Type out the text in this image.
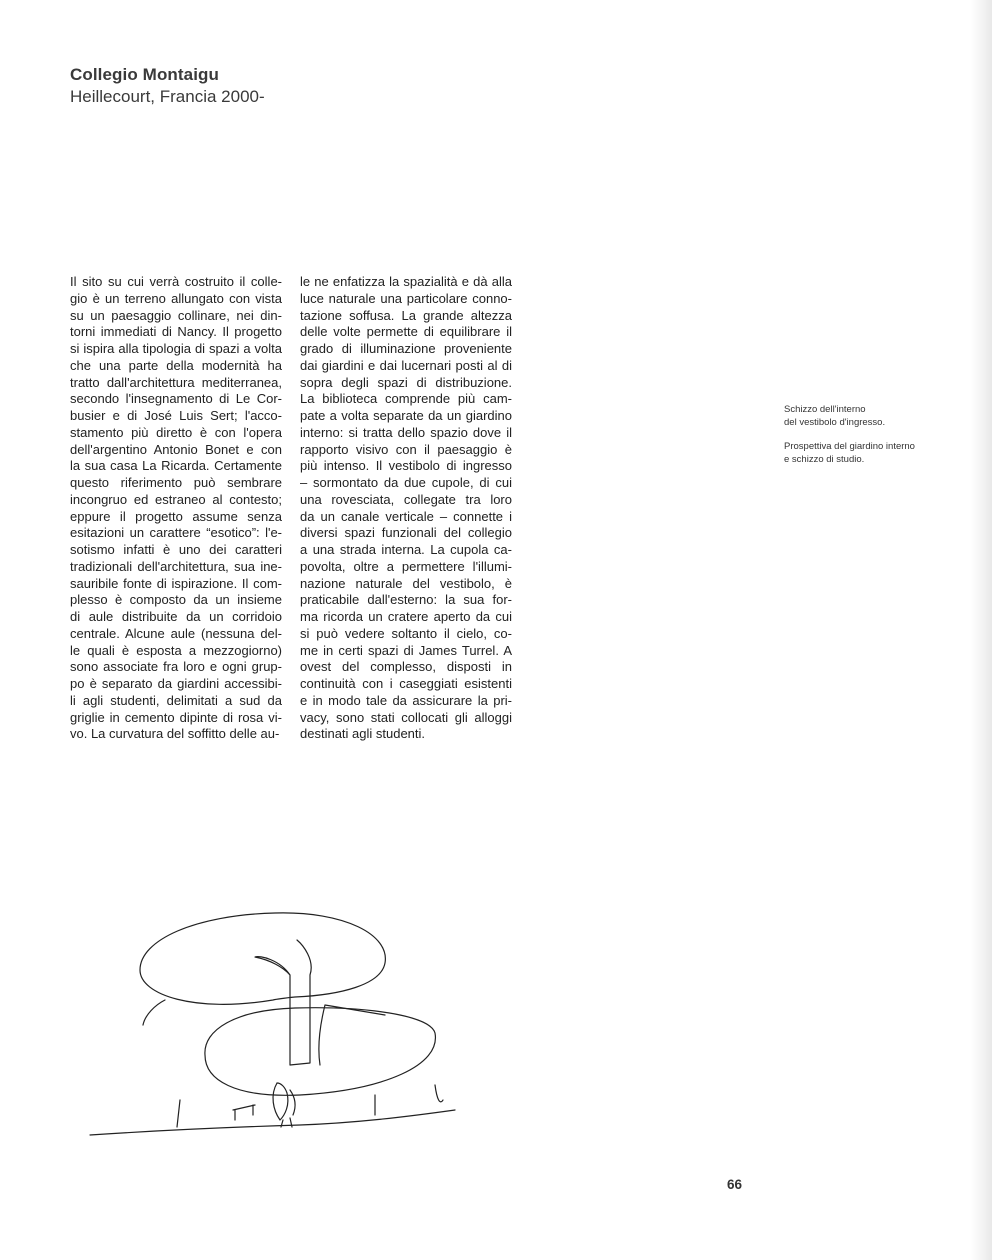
Collegio Montaigu
Heillecourt, Francia 2000-
Il sito su cui verrà costruito il colle-
gio è un terreno allungato con vista
su un paesaggio collinare, nei din-
torni immediati di Nancy. Il progetto
si ispira alla tipologia di spazi a volta
che una parte della modernità ha
tratto dall'architettura mediterranea,
secondo l'insegnamento di Le Cor-
busier e di José Luis Sert; l'acco-
stamento più diretto è con l'opera
dell'argentino Antonio Bonet e con
la sua casa La Ricarda. Certamente
questo riferimento può sembrare
incongruo ed estraneo al contesto;
eppure il progetto assume senza
esitazioni un carattere “esotico”: l'e-
sotismo infatti è uno dei caratteri
tradizionali dell'architettura, sua ine-
sauribile fonte di ispirazione. Il com-
plesso è composto da un insieme
di aule distribuite da un corridoio
centrale. Alcune aule (nessuna del-
le quali è esposta a mezzogiorno)
sono associate fra loro e ogni grup-
po è separato da giardini accessibi-
li agli studenti, delimitati a sud da
griglie in cemento dipinte di rosa vi-
vo. La curvatura del soffitto delle au-
le ne enfatizza la spazialità e dà alla
luce naturale una particolare conno-
tazione soffusa. La grande altezza
delle volte permette di equilibrare il
grado di illuminazione proveniente
dai giardini e dai lucernari posti al di
sopra degli spazi di distribuzione.
La biblioteca comprende più cam-
pate a volta separate da un giardino
interno: si tratta dello spazio dove il
rapporto visivo con il paesaggio è
più intenso. Il vestibolo di ingresso
– sormontato da due cupole, di cui
una rovesciata, collegate tra loro
da un canale verticale – connette i
diversi spazi funzionali del collegio
a una strada interna. La cupola ca-
povolta, oltre a permettere l'illumi-
nazione naturale del vestibolo, è
praticabile dall'esterno: la sua for-
ma ricorda un cratere aperto da cui
si può vedere soltanto il cielo, co-
me in certi spazi di James Turrel. A
ovest del complesso, disposti in
continuità con i caseggiati esistenti
e in modo tale da assicurare la pri-
vacy, sono stati collocati gli alloggi
destinati agli studenti.

Schizzo dell'interno
del vestibolo d'ingresso.

Prospettiva del giardino interno
e schizzo di studio.

66
